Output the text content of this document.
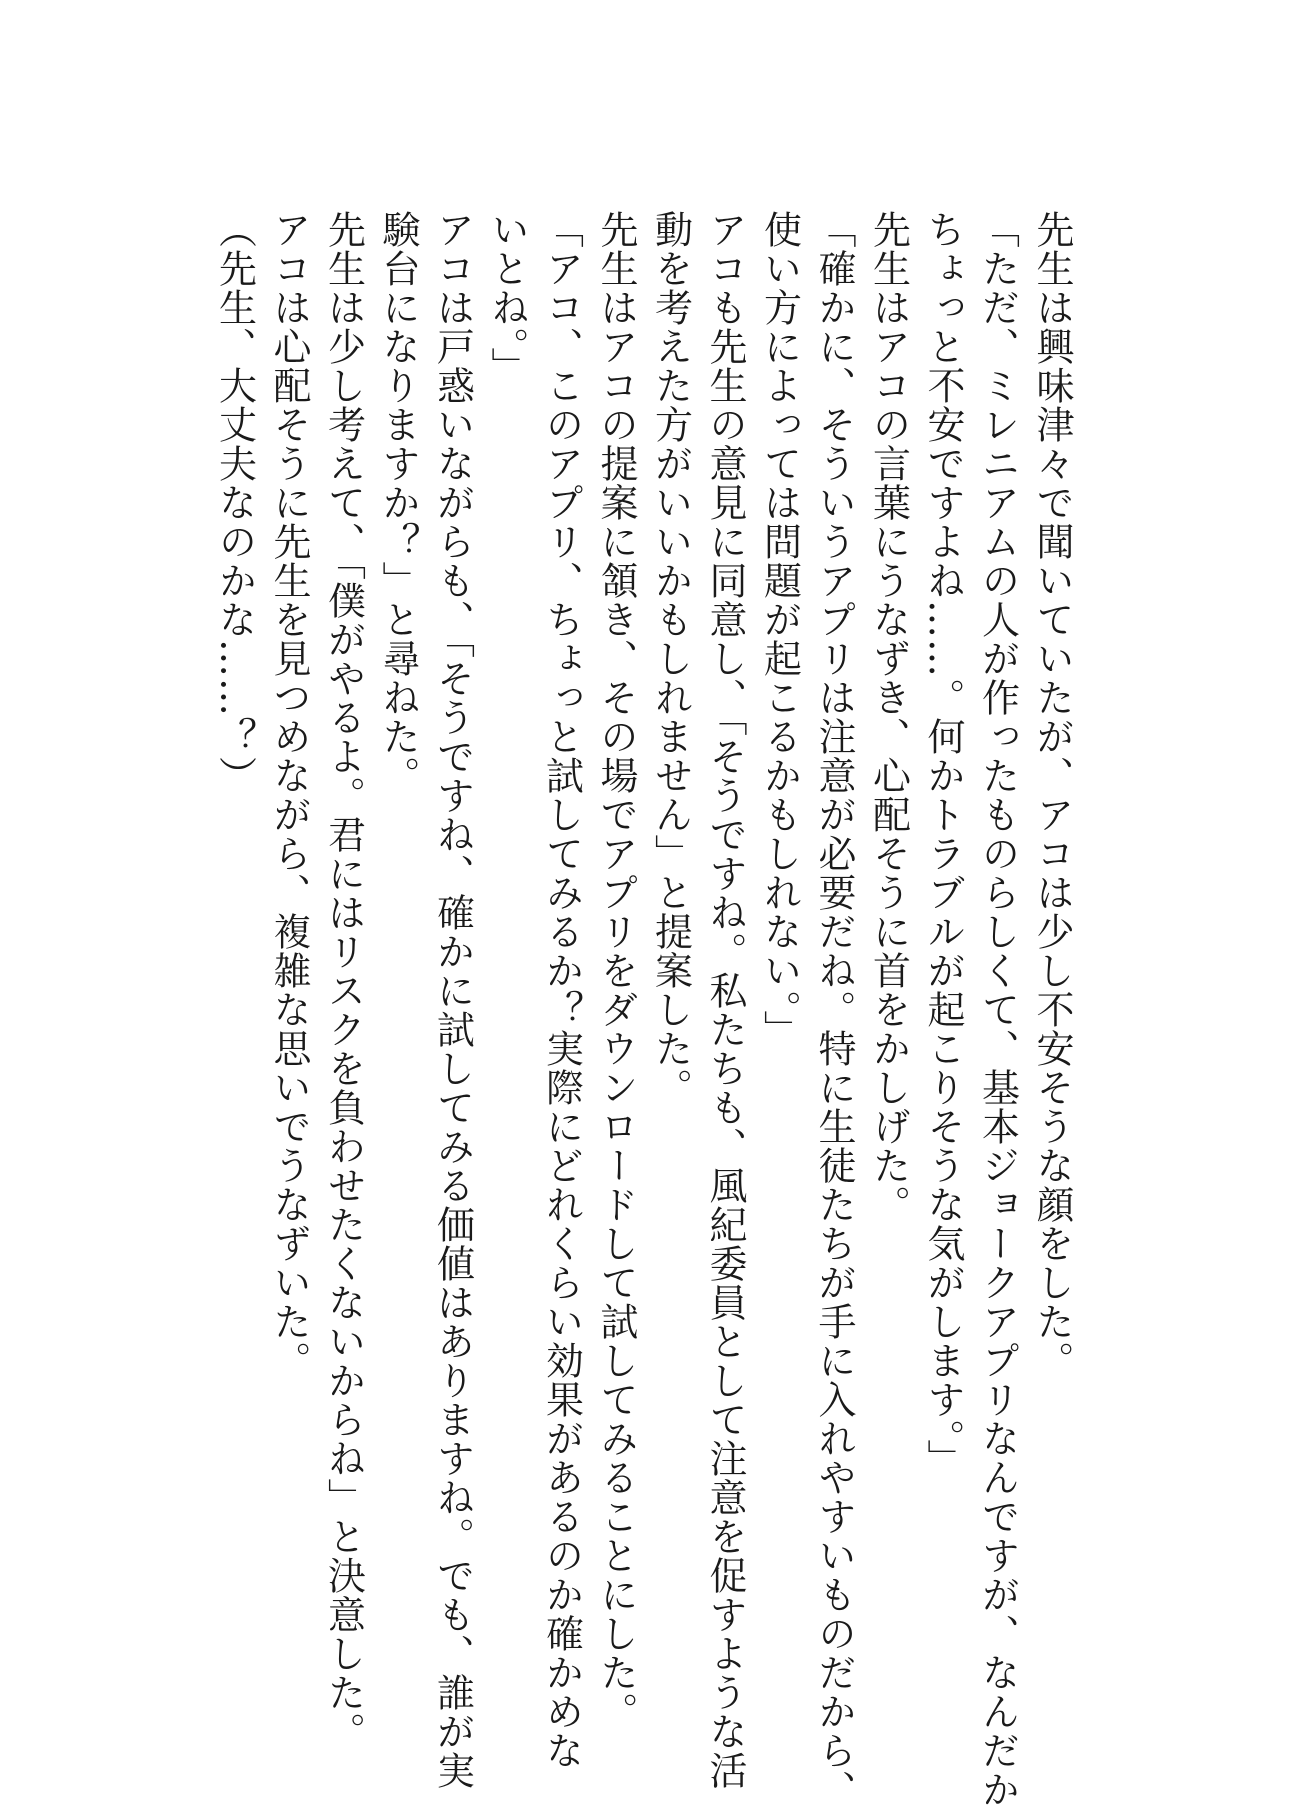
先生は興味津々で聞いていたが、アコは少し不安そうな顔をした。
「ただ、ミレニアムの人が作ったものらしくて、基本ジョークアプリなんですが、なんだか
ちょっと不安ですよね……。何かトラブルが起こりそうな気がします。」
先生はアコの言葉にうなずき、心配そうに首をかしげた。
「確かに、そういうアプリは注意が必要だね。特に生徒たちが手に入れやすいものだから、
使い方によっては問題が起こるかもしれない。」
アコも先生の意見に同意し、「そうですね。私たちも、風紀委員として注意を促すような活
動を考えた方がいいかもしれません」と提案した。
先生はアコの提案に頷き、その場でアプリをダウンロードして試してみることにした。
「アコ、このアプリ、ちょっと試してみるか？実際にどれくらい効果があるのか確かめな
いとね。」
アコは戸惑いながらも、「そうですね、確かに試してみる価値はありますね。でも、誰が実
験台になりますか？」と尋ねた。
先生は少し考えて、「僕がやるよ。君にはリスクを負わせたくないからね」と決意した。
アコは心配そうに先生を見つめながら、複雑な思いでうなずいた。
（先生、大丈夫なのかな……？）
